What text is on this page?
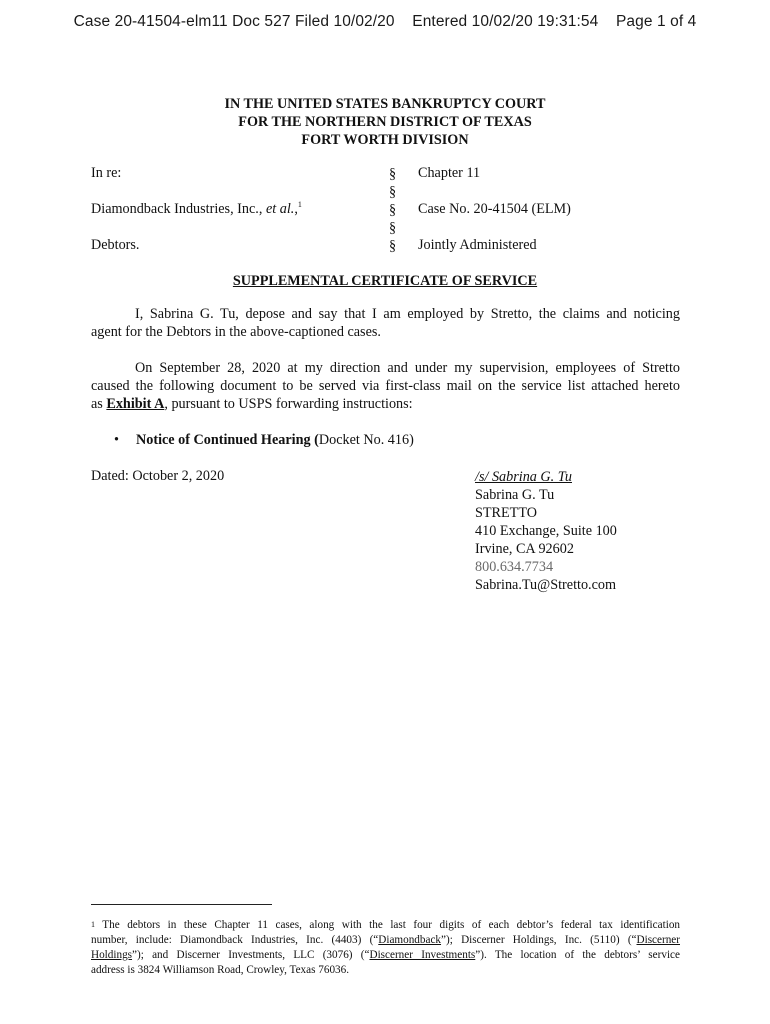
Case 20-41504-elm11 Doc 527 Filed 10/02/20 Entered 10/02/20 19:31:54 Page 1 of 4
IN THE UNITED STATES BANKRUPTCY COURT
FOR THE NORTHERN DISTRICT OF TEXAS
FORT WORTH DIVISION
In re:
Diamondback Industries, Inc., et al.,$^1$
Debtors.
§
§
§
§
§
Chapter 11
Case No. 20-41504 (ELM)
Jointly Administered
SUPPLEMENTAL CERTIFICATE OF SERVICE
I, Sabrina G. Tu, depose and say that I am employed by Stretto, the claims and noticing
agent for the Debtors in the above-captioned cases.
On September 28, 2020 at my direction and under my supervision, employees of Stretto
caused the following document to be served via first-class mail on the service list attached hereto
as Exhibit A, pursuant to USPS forwarding instructions:
• Notice of Continued Hearing (Docket No. 416)
Dated: October 2, 2020	/s/ Sabrina G. Tu
Sabrina G. Tu
STRETTO
410 Exchange, Suite 100
Irvine, CA 92602
800.634.7734
Sabrina.Tu@Stretto.com
$^1$ The debtors in these Chapter 11 cases, along with the last four digits of each debtor’s federal tax identification
number, include: Diamondback Industries, Inc. (4403) (“Diamondback”); Discerner Holdings, Inc. (5110) (“Discerner
Holdings”); and Discerner Investments, LLC (3076) (“Discerner Investments”). The location of the debtors’ service
address is 3824 Williamson Road, Crowley, Texas 76036.
